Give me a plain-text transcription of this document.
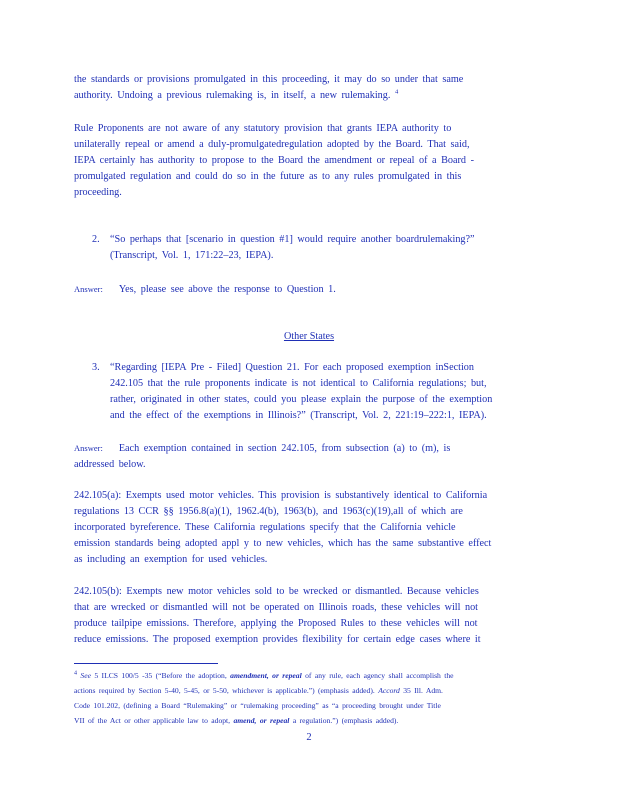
the standards or provisions promulgated in this proceeding, it may do so under that same
authority. Undoing a previous rulemaking is, in itself, a new rulemaking. $^4$
Rule Proponents are not aware of any statutory provision that grants IEPA authority to
unilaterally repeal or amend a duly-promulgatedregulation adopted by the Board. That said,
IEPA certainly has authority to propose to the Board the amendment or repeal of a Board -
promulgated regulation and could do so in the future as to any rules promulgated in this
proceeding.
2.	“So perhaps that [scenario in question #1] would require another boardrulemaking?”
(Transcript, Vol. 1, 171:22–23, IEPA).
Answer: Yes, please see above the response to Question 1.
Other States
3.	“Regarding [IEPA Pre - Filed] Question 21. For each proposed exemption inSection
242.105 that the rule proponents indicate is not identical to California regulations; but,
rather, originated in other states, could you please explain the purpose of the exemption
and the effect of the exemptions in Illinois?” (Transcript, Vol. 2, 221:19–222:1, IEPA).
Answer: Each exemption contained in section 242.105, from subsection (a) to (m), is
addressed below.
242.105(a): Exempts used motor vehicles. This provision is substantively identical to California
regulations 13 CCR §§ 1956.8(a)(1), 1962.4(b), 1963(b), and 1963(c)(19),all of which are
incorporated byreference. These California regulations specify that the California vehicle
emission standards being adopted appl y to new vehicles, which has the same substantive effect
as including an exemption for used vehicles.
242.105(b): Exempts new motor vehicles sold to be wrecked or dismantled. Because vehicles
that are wrecked or dismantled will not be operated on Illinois roads, these vehicles will not
produce tailpipe emissions. Therefore, applying the Proposed Rules to these vehicles will not
reduce emissions. The proposed exemption provides flexibility for certain edge cases where it
$^4$ See 5 ILCS 100/5 -35 (“Before the adoption, amendment, or repeal of any rule, each agency shall accomplish the
actions required by Section 5-40, 5-45, or 5-50, whichever is applicable.”) (emphasis added). Accord 35 Ill. Adm.
Code 101.202, (defining a Board “Rulemaking” or “rulemaking proceeding” as “a proceeding brought under Title
VII of the Act or other applicable law to adopt, amend, or repeal a regulation.”) (emphasis added).
2
